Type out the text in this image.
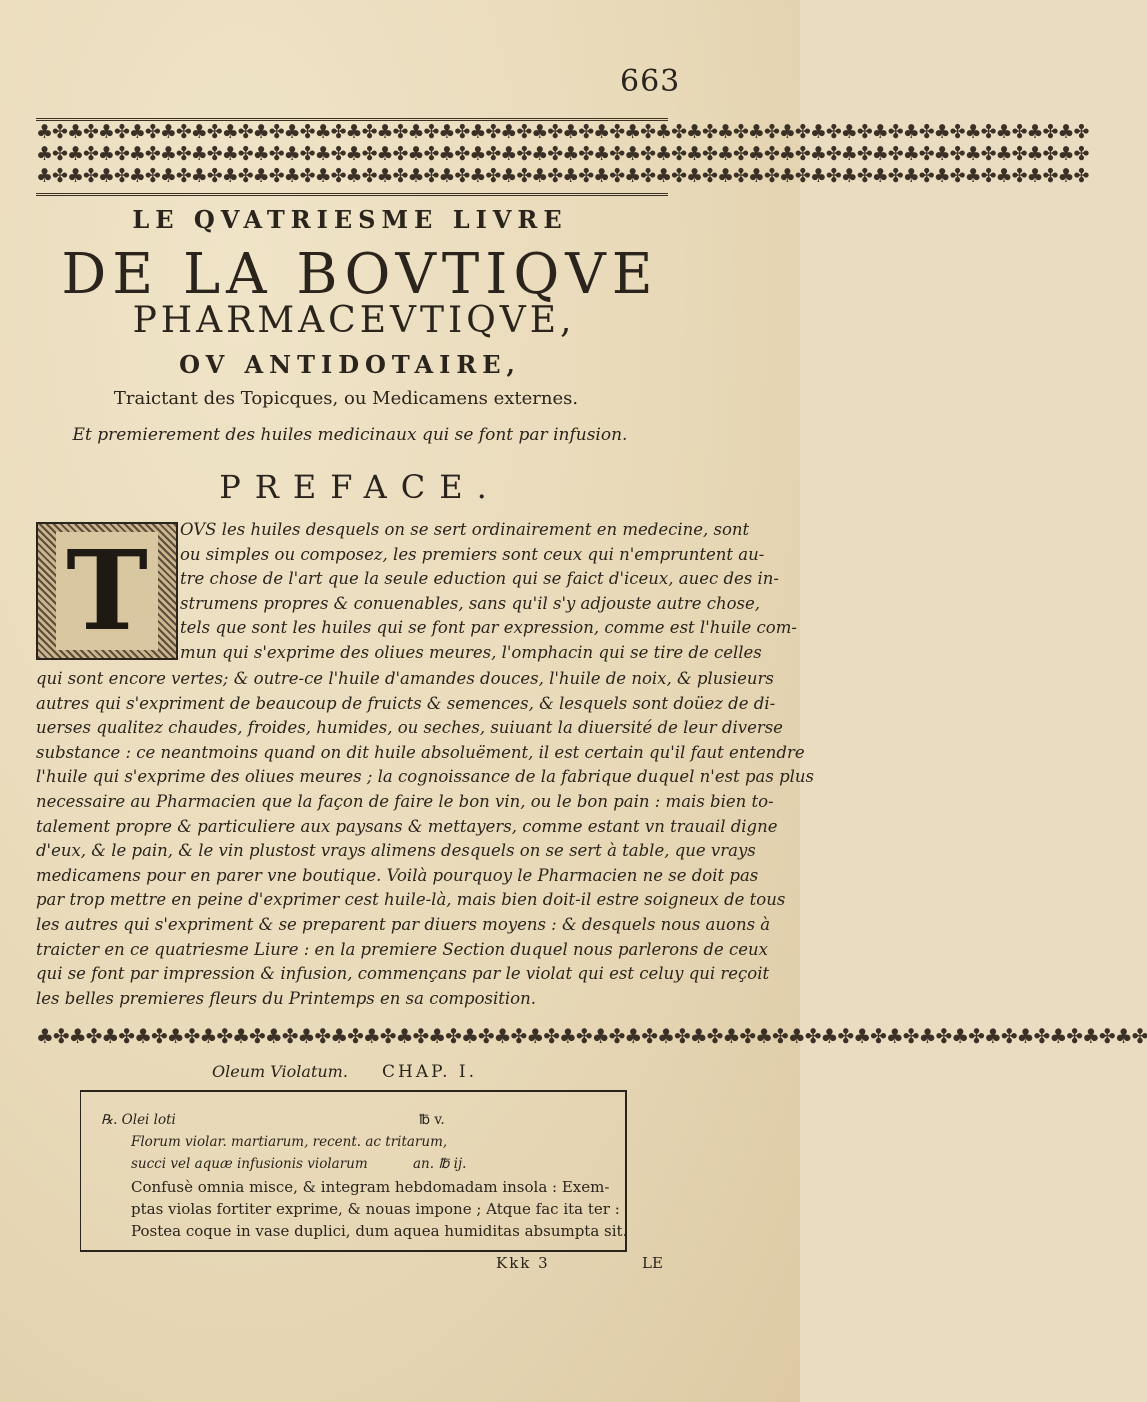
663
♣✤♣✤♣✤♣✤♣✤♣✤♣✤♣✤♣✤♣✤♣✤♣✤♣✤♣✤♣✤♣✤♣✤♣✤♣✤♣✤♣✤♣✤♣✤♣✤♣✤♣✤♣✤♣✤♣✤♣✤♣✤♣✤♣✤♣✤
♣✤♣✤♣✤♣✤♣✤♣✤♣✤♣✤♣✤♣✤♣✤♣✤♣✤♣✤♣✤♣✤♣✤♣✤♣✤♣✤♣✤♣✤♣✤♣✤♣✤♣✤♣✤♣✤♣✤♣✤♣✤♣✤♣✤♣✤
♣✤♣✤♣✤♣✤♣✤♣✤♣✤♣✤♣✤♣✤♣✤♣✤♣✤♣✤♣✤♣✤♣✤♣✤♣✤♣✤♣✤♣✤♣✤♣✤♣✤♣✤♣✤♣✤♣✤♣✤♣✤♣✤♣✤♣✤
LE QVATRIESME LIVRE
DE LA BOVTIQVE
PHARMACEVTIQVE,
OV ANTIDOTAIRE,
Traictant des Topicques, ou Medicamens externes.
Et premierement des huiles medicinaux qui se font par infusion.
PREFACE.
T	OVS les huiles desquels on se sert ordinairement en medecine, sont
ou simples ou composez, les premiers sont ceux qui n'empruntent au-
tre chose de l'art que la seule eduction qui se faict d'iceux, auec des in-
strumens propres & conuenables, sans qu'il s'y adjouste autre chose,
tels que sont les huiles qui se font par expression, comme est l'huile com-
mun qui s'exprime des oliues meures, l'omphacin qui se tire de celles
qui sont encore vertes; & outre-ce l'huile d'amandes douces, l'huile de noix, & plusieurs
autres qui s'expriment de beaucoup de fruicts & semences, & lesquels sont doüez de di-
uerses qualitez chaudes, froides, humides, ou seches, suiuant la diuersité de leur diverse
substance : ce neantmoins quand on dit huile absoluëment, il est certain qu'il faut entendre
l'huile qui s'exprime des oliues meures ; la cognoissance de la fabrique duquel n'est pas plus
necessaire au Pharmacien que la façon de faire le bon vin, ou le bon pain : mais bien to-
talement propre & particuliere aux paysans & mettayers, comme estant vn trauail digne
d'eux, & le pain, & le vin plustost vrays alimens desquels on se sert à table, que vrays
medicamens pour en parer vne boutique. Voilà pourquoy le Pharmacien ne se doit pas
par trop mettre en peine d'exprimer cest huile-là, mais bien doit-il estre soigneux de tous
les autres qui s'expriment & se preparent par diuers moyens : & desquels nous auons à
traicter en ce quatriesme Liure : en la premiere Section duquel nous parlerons de ceux
qui se font par impression & infusion, commençans par le violat qui est celuy qui reçoit
les belles premieres fleurs du Printemps en sa composition.
♣✤♣✤♣✤♣✤♣✤♣✤♣✤♣✤♣✤♣✤♣✤♣✤♣✤♣✤♣✤♣✤♣✤♣✤♣✤♣✤♣✤♣✤♣✤♣✤♣✤♣✤♣✤♣✤♣✤♣✤♣✤♣✤♣✤♣✤
Oleum Violatum. CHAP. I.
℞. Olei loti	℔ v.
Florum violar. martiarum, recent. ac tritarum,
succi vel aquæ infusionis violarum	an. ℔ ij.
Confusè omnia misce, & integram hebdomadam insola : Exem-
ptas violas fortiter exprime, & nouas impone ; Atque fac ita ter :
Postea coque in vase duplici, dum aquea humiditas absumpta sit.
Kkk 3	LE
